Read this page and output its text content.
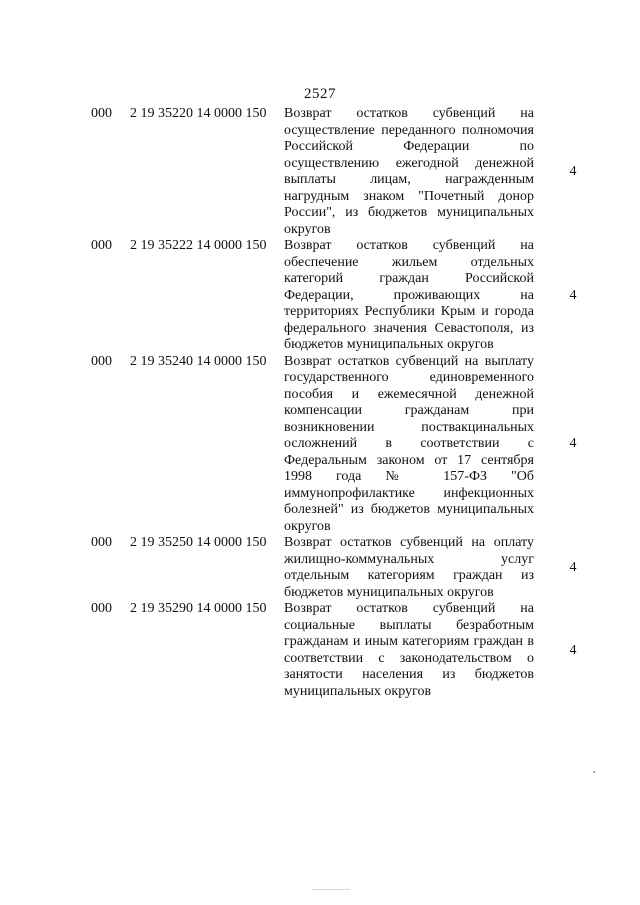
2527
000 2 19 35220 14 0000 150 Возврат остатков субвенций на осуществление переданного полномочия Российской Федерации по осуществлению ежегодной денежной выплаты лицам, награжденным нагрудным знаком "Почетный донор России", из бюджетов муниципальных округов
4
000 2 19 35222 14 0000 150 Возврат остатков субвенций на обеспечение жильем отдельных категорий граждан Российской Федерации, проживающих на территориях Республики Крым и города федерального значения Севастополя, из бюджетов муниципальных округов
4
000 2 19 35240 14 0000 150 Возврат остатков субвенций на выплату государственного единовременного пособия и ежемесячной денежной компенсации гражданам при возникновении поствакцинальных осложнений в соответствии с Федеральным законом от 17 сентября 1998 года № 157-ФЗ "Об иммунопрофилактике инфекционных болезней" из бюджетов муниципальных округов
4
000 2 19 35250 14 0000 150 Возврат остатков субвенций на оплату жилищно-коммунальных услуг отдельным категориям граждан из бюджетов муниципальных округов
4
000 2 19 35290 14 0000 150 Возврат остатков субвенций на социальные выплаты безработным гражданам и иным категориям граждан в соответствии с законодательством о занятости населения из бюджетов муниципальных округов
4
